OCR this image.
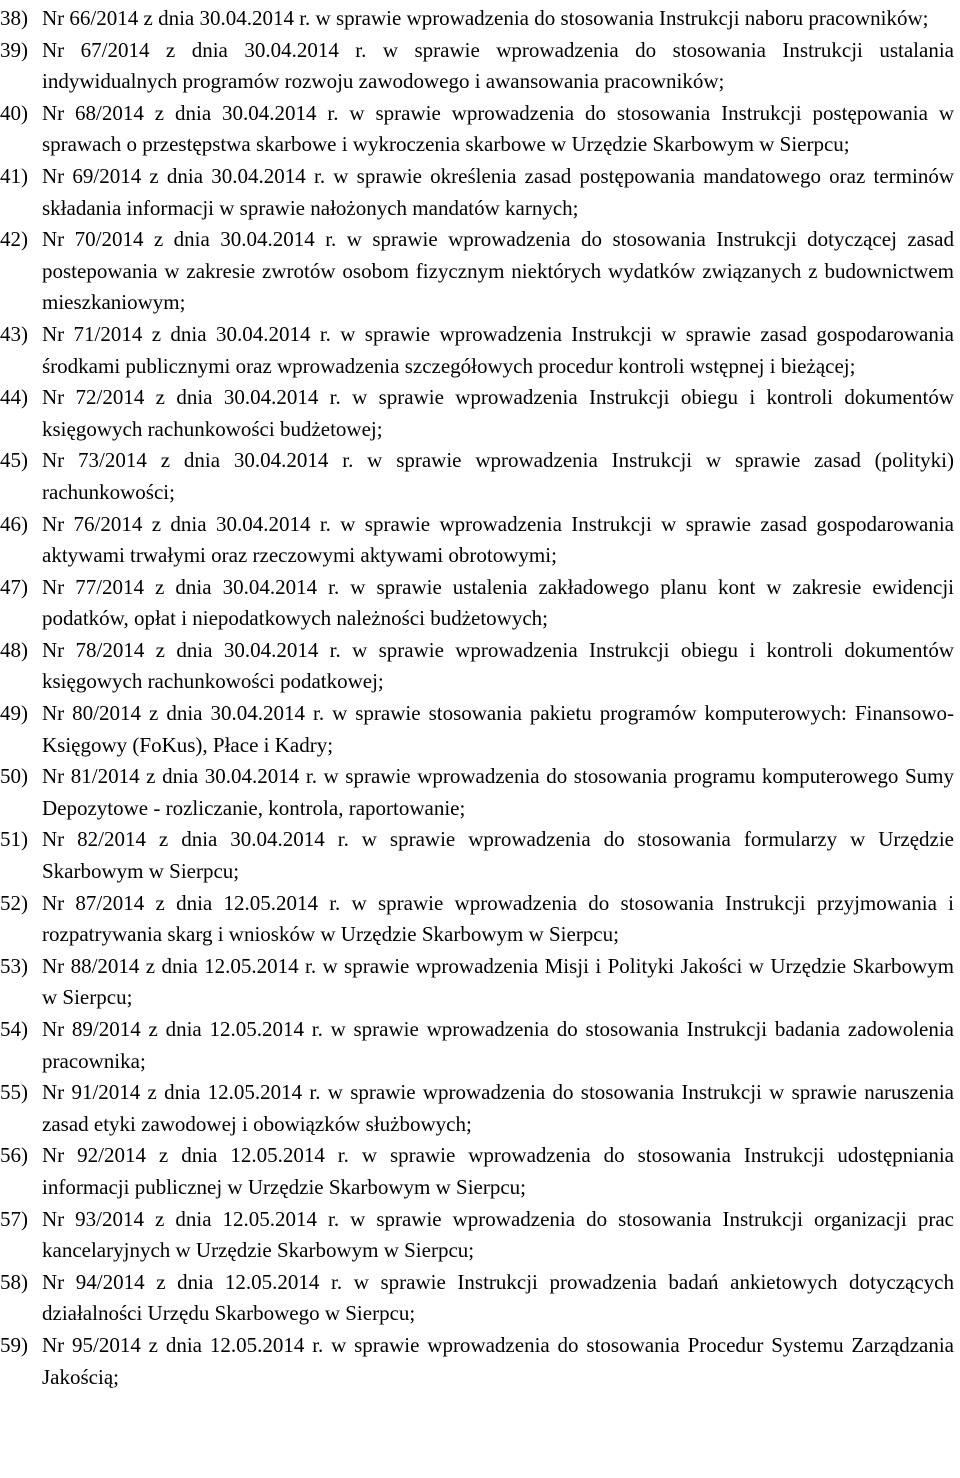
38) Nr 66/2014 z dnia 30.04.2014 r. w sprawie wprowadzenia do stosowania Instrukcji naboru pracowników;
39) Nr 67/2014 z dnia 30.04.2014 r. w sprawie wprowadzenia do stosowania Instrukcji ustalania indywidualnych programów rozwoju zawodowego i awansowania pracowników;
40) Nr 68/2014 z dnia 30.04.2014 r. w sprawie wprowadzenia do stosowania Instrukcji postępowania w sprawach o przestępstwa skarbowe i wykroczenia skarbowe w Urzędzie Skarbowym w Sierpcu;
41) Nr 69/2014 z dnia 30.04.2014 r. w sprawie określenia zasad postępowania mandatowego oraz terminów składania informacji w sprawie nałożonych mandatów karnych;
42) Nr 70/2014 z dnia 30.04.2014 r. w sprawie wprowadzenia do stosowania Instrukcji dotyczącej zasad postepowania w zakresie zwrotów osobom fizycznym niektórych wydatków związanych z budownictwem mieszkaniowym;
43) Nr 71/2014 z dnia 30.04.2014 r. w sprawie wprowadzenia Instrukcji w sprawie zasad gospodarowania środkami publicznymi oraz wprowadzenia szczegółowych procedur kontroli wstępnej i bieżącej;
44) Nr 72/2014 z dnia 30.04.2014 r. w sprawie wprowadzenia Instrukcji obiegu i kontroli dokumentów księgowych rachunkowości budżetowej;
45) Nr 73/2014 z dnia 30.04.2014 r. w sprawie wprowadzenia Instrukcji w sprawie zasad (polityki) rachunkowości;
46) Nr 76/2014 z dnia 30.04.2014 r. w sprawie wprowadzenia Instrukcji w sprawie zasad gospodarowania aktywami trwałymi oraz rzeczowymi aktywami obrotowymi;
47) Nr 77/2014 z dnia 30.04.2014 r. w sprawie ustalenia zakładowego planu kont w zakresie ewidencji podatków, opłat i niepodatkowych należności budżetowych;
48) Nr 78/2014 z dnia 30.04.2014 r. w sprawie wprowadzenia Instrukcji obiegu i kontroli dokumentów księgowych rachunkowości podatkowej;
49) Nr 80/2014 z dnia 30.04.2014 r. w sprawie stosowania pakietu programów komputerowych: Finansowo-Księgowy (FoKus), Płace i Kadry;
50) Nr 81/2014 z dnia 30.04.2014 r. w sprawie wprowadzenia do stosowania programu komputerowego Sumy Depozytowe - rozliczanie, kontrola, raportowanie;
51) Nr 82/2014 z dnia 30.04.2014 r. w sprawie wprowadzenia do stosowania formularzy w Urzędzie Skarbowym w Sierpcu;
52) Nr 87/2014 z dnia 12.05.2014 r. w sprawie wprowadzenia do stosowania Instrukcji przyjmowania i rozpatrywania skarg i wniosków w Urzędzie Skarbowym w Sierpcu;
53) Nr 88/2014 z dnia 12.05.2014 r. w sprawie wprowadzenia Misji i Polityki Jakości w Urzędzie Skarbowym w Sierpcu;
54) Nr 89/2014 z dnia 12.05.2014 r. w sprawie wprowadzenia do stosowania Instrukcji badania zadowolenia pracownika;
55) Nr 91/2014 z dnia 12.05.2014 r. w sprawie wprowadzenia do stosowania Instrukcji w sprawie naruszenia zasad etyki zawodowej i obowiązków służbowych;
56) Nr 92/2014 z dnia 12.05.2014 r. w sprawie wprowadzenia do stosowania Instrukcji udostępniania informacji publicznej w Urzędzie Skarbowym w Sierpcu;
57) Nr 93/2014 z dnia 12.05.2014 r. w sprawie wprowadzenia do stosowania Instrukcji organizacji prac kancelaryjnych w Urzędzie Skarbowym w Sierpcu;
58) Nr 94/2014 z dnia 12.05.2014 r. w sprawie Instrukcji prowadzenia badań ankietowych dotyczących działalności Urzędu Skarbowego w Sierpcu;
59) Nr 95/2014 z dnia 12.05.2014 r. w sprawie wprowadzenia do stosowania Procedur Systemu Zarządzania Jakością;
